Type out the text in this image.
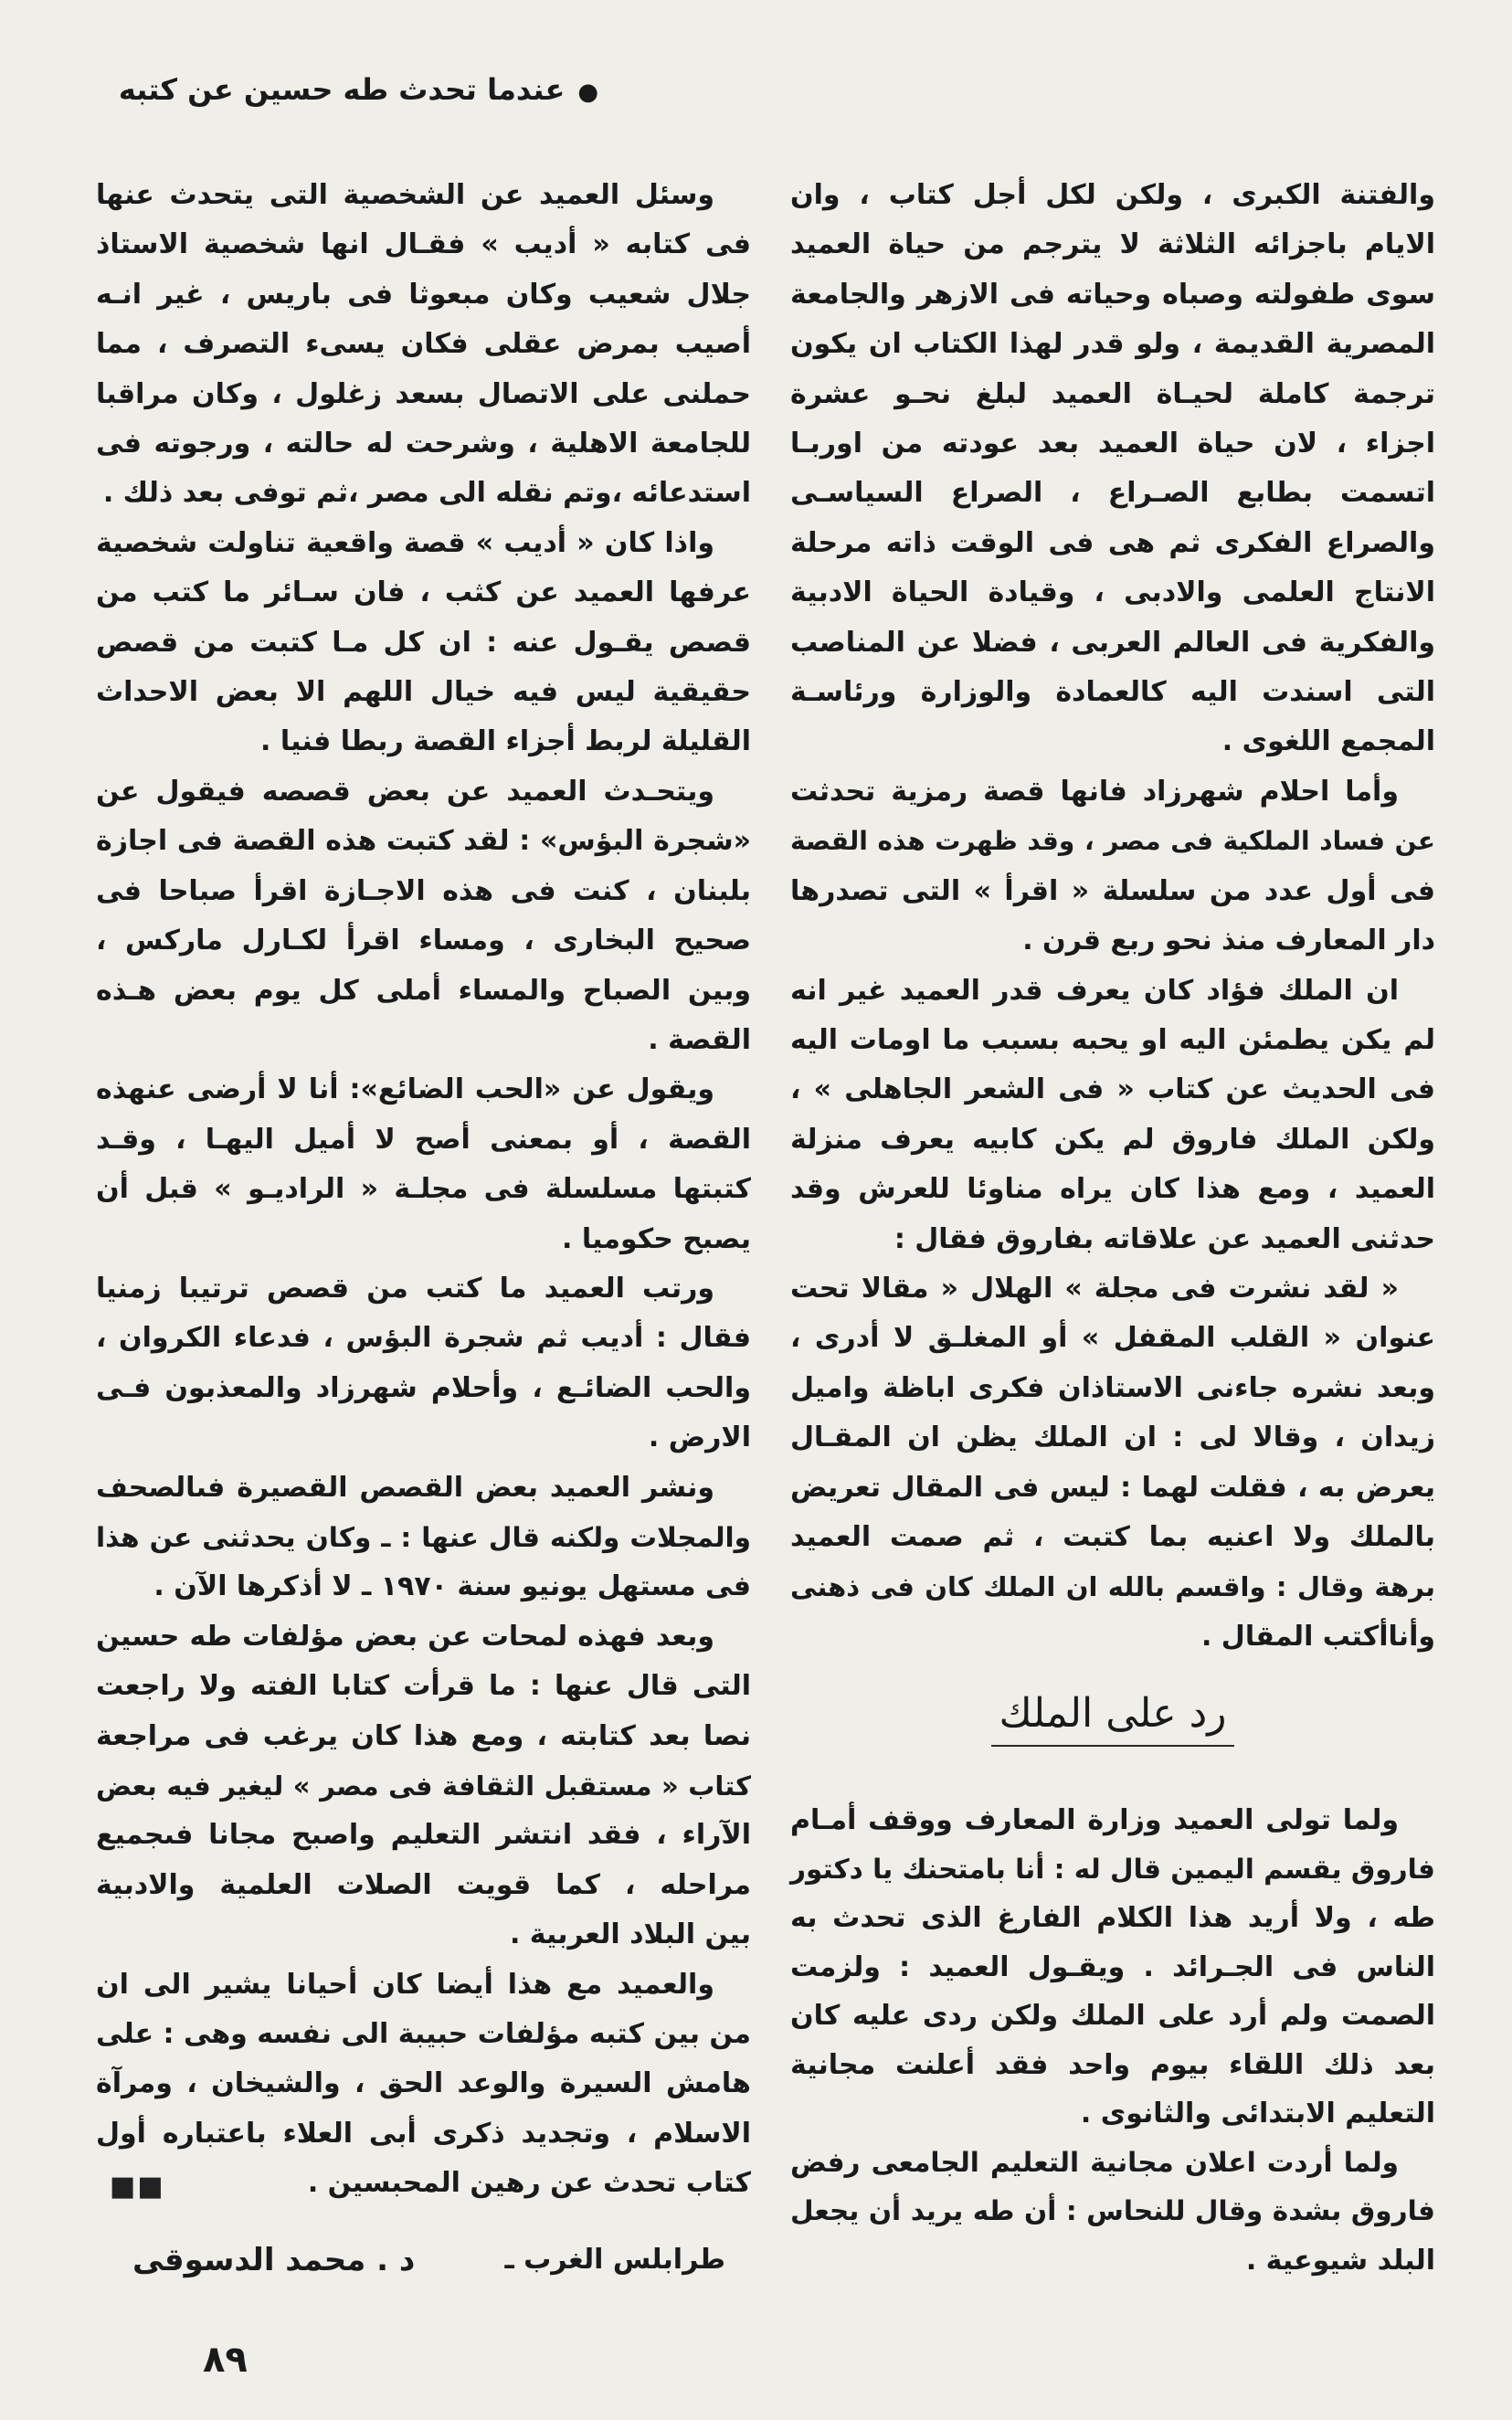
●عندما تحدث طه حسين عن كتبه
والفتنة الكبرى ، ولكن لكل أجل كتاب ، وان
الايام باجزائه الثلاثة لا يترجم من حياة العميد
سوى طفولته وصباه وحياته فى الازهر والجامعة
المصرية القديمة ، ولو قدر لهذا الكتاب ان يكون
ترجمة كاملة لحيـاة العميد لبلغ نحـو عشرة
اجزاء ، لان حياة العميد بعد عودته من اوربـا
اتسمت بطابع الصـراع ، الصراع السياسـى
والصراع الفكرى ثم هى فى الوقت ذاته مرحلة
الانتاج العلمى والادبى ، وقيادة الحياة الادبية
والفكرية فى العالم العربى ، فضلا عن المناصب
التى اسندت اليه كالعمادة والوزارة ورئاسـة
المجمع اللغوى .
وأما احلام شهرزاد فانها قصة رمزية تحدثت
عن فساد الملكية فى مصر ، وقد ظهرت هذه القصة
فى أول عدد من سلسلة « اقرأ » التى تصدرها
دار المعارف منذ نحو ربع قرن .
ان الملك فؤاد كان يعرف قدر العميد غير انه
لم يكن يطمئن اليه او يحبه بسبب ما اومات اليه
فى الحديث عن كتاب « فى الشعر الجاهلى » ،
ولكن الملك فاروق لم يكن كابيه يعرف منزلة
العميد ، ومع هذا كان يراه مناوئا للعرش وقد
حدثنى العميد عن علاقاته بفاروق فقال :
« لقد نشرت فى مجلة » الهلال « مقالا تحت
عنوان « القلب المقفل » أو المغلـق لا أدرى ،
وبعد نشره جاءنى الاستاذان فكرى اباظة واميل
زيدان ، وقالا لى : ان الملك يظن ان المقـال
يعرض به ، فقلت لهما : ليس فى المقال تعريض
بالملك ولا اعنيه بما كتبت ، ثم صمت العميد
برهة وقال : واقسم بالله ان الملك كان فى ذهنى
وأناأكتب المقال .
رد على الملك
ولما تولى العميد وزارة المعارف ووقف أمـام
فاروق يقسم اليمين قال له : أنا بامتحنك يا دكتور
طه ، ولا أريد هذا الكلام الفارغ الذى تحدث به
الناس فى الجـرائد . ويقـول العميد : ولزمت
الصمت ولم أرد على الملك ولكن ردى عليه كان
بعد ذلك اللقاء بيوم واحد فقد أعلنت مجانية
التعليم الابتدائى والثانوى .
ولما أردت اعلان مجانية التعليم الجامعى رفض
فاروق بشدة وقال للنحاس : أن طه يريد أن يجعل
البلد شيوعية .
وسئل العميد عن الشخصية التى يتحدث عنها
فى كتابه « أديب » فقـال انها شخصية الاستاذ
جلال شعيب وكان مبعوثا فى باريس ، غير انـه
أصيب بمرض عقلى فكان يسىء التصرف ، مما
حملنى على الاتصال بسعد زغلول ، وكان مراقبا
للجامعة الاهلية ، وشرحت له حالته ، ورجوته فى
استدعائه ،وتم نقله الى مصر ،ثم توفى بعد ذلك .
واذا كان « أديب » قصة واقعية تناولت شخصية
عرفها العميد عن كثب ، فان سـائر ما كتب من
قصص يقـول عنه : ان كل مـا كتبت من قصص
حقيقية ليس فيه خيال اللهم الا بعض الاحداث
القليلة لربط أجزاء القصة ربطا فنيا .
ويتحـدث العميد عن بعض قصصه فيقول عن
«شجرة البؤس» : لقد كتبت هذه القصة فى اجازة
بلبنان ، كنت فى هذه الاجـازة اقرأ صباحا فى
صحيح البخارى ، ومساء اقرأ لكـارل ماركس ،
وبين الصباح والمساء أملى كل يوم بعض هـذه
القصة .
ويقول عن «الحب الضائع»: أنا لا أرضى عنهذه
القصة ، أو بمعنى أصح لا أميل اليهـا ، وقـد
كتبتها مسلسلة فى مجلـة « الراديـو » قبل أن
يصبح حكوميا .
ورتب العميد ما كتب من قصص ترتيبا زمنيا
فقال : أديب ثم شجرة البؤس ، فدعاء الكروان ،
والحب الضائـع ، وأحلام شهرزاد والمعذبون فـى
الارض .
ونشر العميد بعض القصص القصيرة فىالصحف
والمجلات ولكنه قال عنها : ـ وكان يحدثنى عن هذا
فى مستهل يونيو سنة ١٩٧٠ ـ لا أذكرها الآن .
وبعد فهذه لمحات عن بعض مؤلفات طه حسين
التى قال عنها : ما قرأت كتابا الفته ولا راجعت
نصا بعد كتابته ، ومع هذا كان يرغب فى مراجعة
كتاب « مستقبل الثقافة فى مصر » ليغير فيه بعض
الآراء ، فقد انتشر التعليم واصبح مجانا فىجميع
مراحله ، كما قويت الصلات العلمية والادبية
بين البلاد العربية .
والعميد مع هذا أيضا كان أحيانا يشير الى ان
من بين كتبه مؤلفات حبيبة الى نفسه وهى : على
هامش السيرة والوعد الحق ، والشيخان ، ومرآة
الاسلام ، وتجديد ذكرى أبى العلاء باعتباره أول
كتاب تحدث عن رهين المحبسين .
■■
طرابلس الغرب ـ
د . محمد الدسوقى
٨٩
